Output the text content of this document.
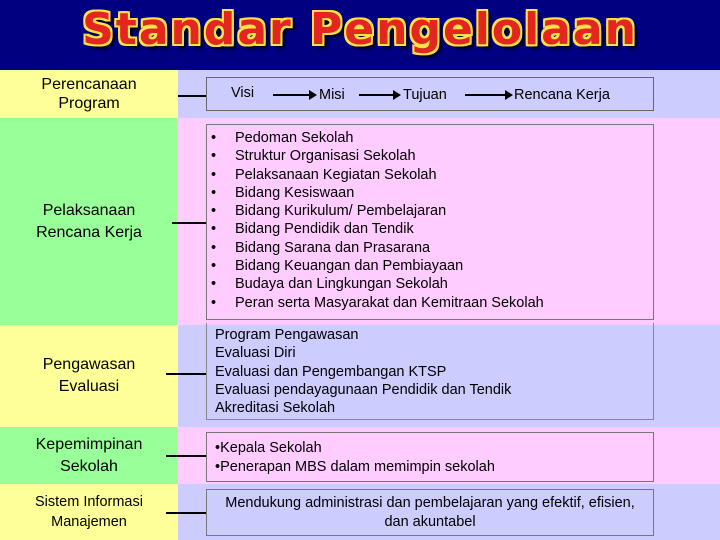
Standar Pengelolaan
Perencanaan Program
Visi	Misi	Tujuan	Rencana Kerja
Pelaksanaan Rencana Kerja
• Pedoman Sekolah
• Struktur Organisasi Sekolah
• Pelaksanaan Kegiatan Sekolah
• Bidang Kesiswaan
• Bidang Kurikulum/ Pembelajaran
• Bidang Pendidik dan Tendik
• Bidang Sarana dan Prasarana
• Bidang Keuangan dan Pembiayaan
• Budaya dan Lingkungan Sekolah
• Peran serta Masyarakat dan Kemitraan Sekolah
Pengawasan Evaluasi
Program Pengawasan
Evaluasi Diri
Evaluasi dan Pengembangan KTSP
Evaluasi pendayagunaan Pendidik dan Tendik
Akreditasi Sekolah
Kepemimpinan Sekolah
•Kepala Sekolah
•Penerapan MBS dalam memimpin sekolah
Sistem Informasi Manajemen
Mendukung administrasi dan pembelajaran yang efektif, efisien, dan akuntabel
